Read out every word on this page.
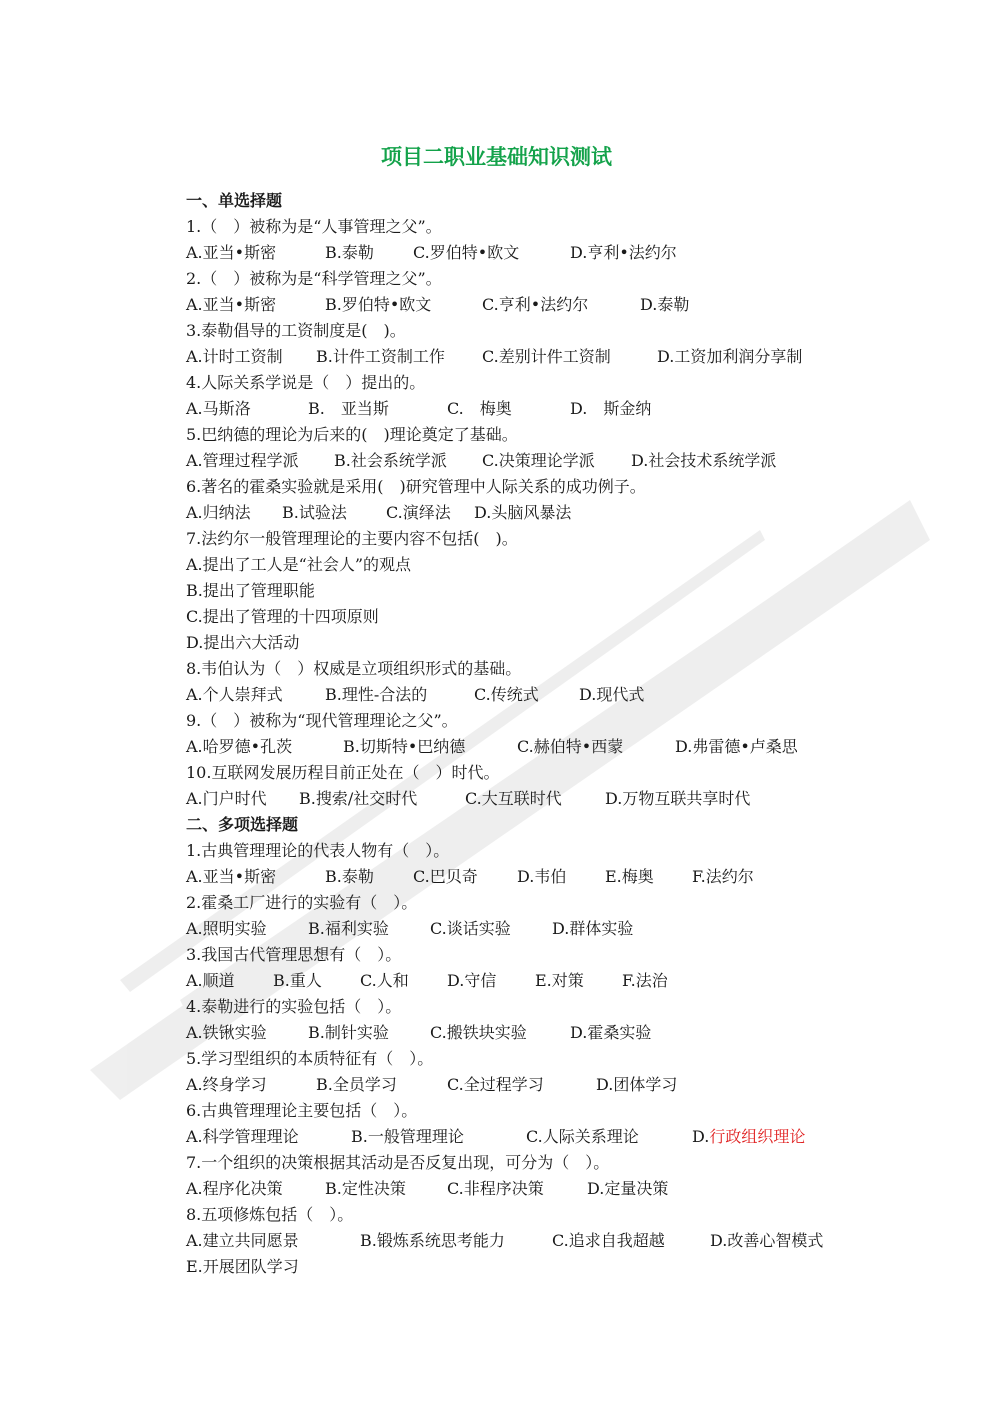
项目二职业基础知识测试
一、单选择题
1.（　）被称为是“人事管理之父”。
A.亚当•斯密	B.泰勒 C.罗伯特•欧文	D.亨利•法约尔
2.（　）被称为是“科学管理之父”。
A.亚当•斯密	B.罗伯特•欧文	C.亨利•法约尔	D.泰勒
3.泰勒倡导的工资制度是(　)。
A.计时工资制 B.计件工资制工作 C.差别计件工资制	D.工资加利润分享制
4.人际关系学说是（　）提出的。
A.马斯洛	B.　亚当斯	C.　梅奥	D.　斯金纳
5.巴纳德的理论为后来的(　)理论奠定了基础。
A.管理过程学派 B.社会系统学派 C.决策理论学派 D.社会技术系统学派
6.著名的霍桑实验就是采用(　)研究管理中人际关系的成功例子。
A.归纳法 B.试验法 C.演绎法 D.头脑风暴法
7.法约尔一般管理理论的主要内容不包括(　)。
A.提出了工人是“社会人”的观点
B.提出了管理职能
C.提出了管理的十四项原则
D.提出六大活动
8.韦伯认为（　）权威是立项组织形式的基础。
A.个人崇拜式	B.理性-合法的	C.传统式	D.现代式
9.（　）被称为“现代管理理论之父”。
A.哈罗德•孔茨	B.切斯特•巴纳德	C.赫伯特•西蒙	D.弗雷德•卢桑思
10.互联网发展历程目前正处在（　）时代。
A.门户时代 B.搜索/社交时代	C.大互联时代	D.万物互联共享时代
二、多项选择题
1.古典管理理论的代表人物有（　）。
A.亚当•斯密	B.泰勒 C.巴贝奇 D.韦伯 E.梅奥 F.法约尔
2.霍桑工厂进行的实验有（　）。
A.照明实验	B.福利实验	C.谈话实验	D.群体实验
3.我国古代管理思想有（　）。
A.顺道 B.重人 C.人和 D.守信 E.对策 F.法治
4.泰勒进行的实验包括（　）。
A.铁锹实验	B.制针实验	C.搬铁块实验	D.霍桑实验
5.学习型组织的本质特征有（　）。
A.终身学习	B.全员学习	C.全过程学习	D.团体学习
6.古典管理理论主要包括（　）。
A.科学管理理论	B.一般管理理论	C.人际关系理论	D.行政组织理论
7.一个组织的决策根据其活动是否反复出现，可分为（　）。
A.程序化决策	B.定性决策	C.非程序决策	D.定量决策
8.五项修炼包括（　）。
A.建立共同愿景	B.锻炼系统思考能力	C.追求自我超越	D.改善心智模式
E.开展团队学习
